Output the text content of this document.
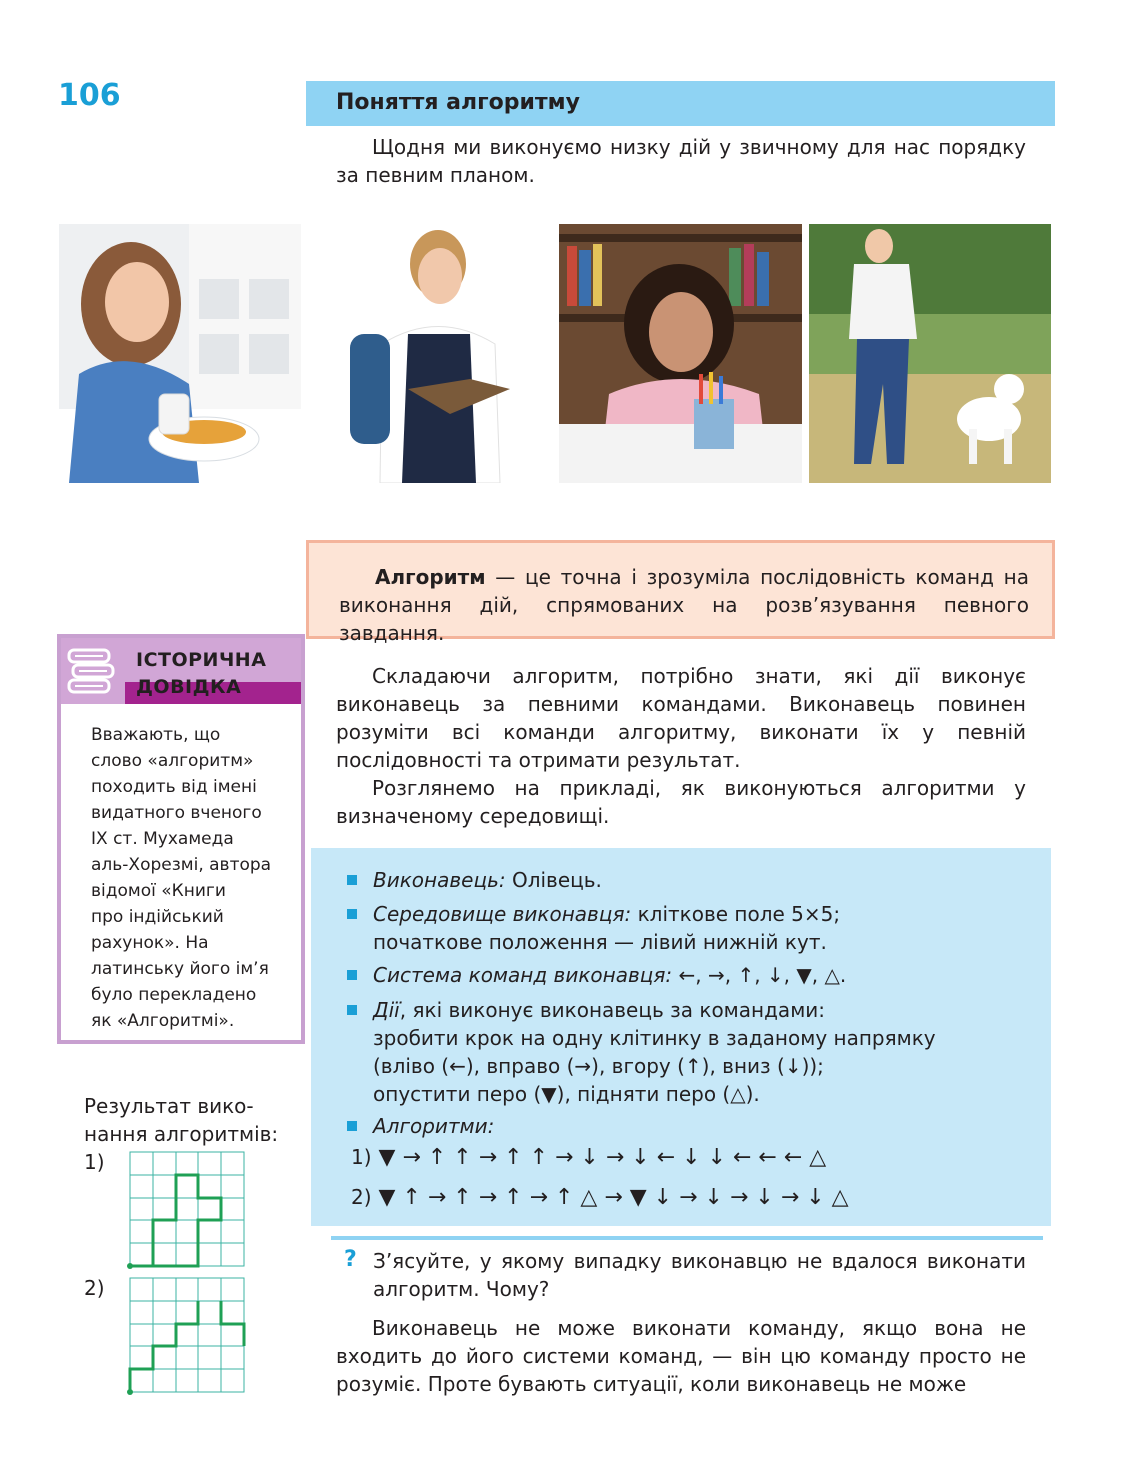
106	Поняття алгоритму

Щодня ми виконуємо низку дій у звичному для нас порядку за певним планом.

Алгоритм — це точна і зрозуміла послідовність команд на виконання дій, спрямованих на розв’язування певного завдання.

ІСТОРИЧНА
ДОВІДКА
Вважають, що
слово «алгоритм»
походить від імені
видатного вченого
IX ст. Мухамеда
аль-Хорезмі, автора
відомої «Книги
про індійський
рахунок». На
латинську його ім’я
було перекладено
як «Алгоритмі».

Складаючи алгоритм, потрібно знати, які дії виконує виконавець за певними командами. Виконавець повинен розуміти всі команди алгоритму, виконати їх у певній послідовності та отримати результат.

Розглянемо на прикладі, як виконуються алгоритми у визначеному середовищі.

Виконавець: Олівець.
Середовище виконавця: кліткове поле 5×5;
початкове положення — лівий нижній кут.
Система команд виконавця: ←, →, ↑, ↓, ▼, △.
Дії, які виконує виконавець за командами:
зробити крок на одну клітинку в заданому напрямку
(вліво (←), вправо (→), вгору (↑), вниз (↓));
опустити перо (▼), підняти перо (△).
Алгоритми:
1) ▼ → ↑ ↑ → ↑ ↑ → ↓ → ↓ ← ↓ ↓ ← ← ← △
2) ▼ ↑ → ↑ → ↑ → ↑ △ → ▼ ↓ → ↓ → ↓ → ↓ △
? З’ясуйте, у якому випадку виконавцю не вдалося виконати алгоритм. Чому?

Виконавець не може виконати команду, якщо вона не входить до його системи команд, — він цю команду просто не розуміє. Проте бувають ситуації, коли виконавець не може

Результат вико-
нання алгоритмів:
1)
2)
